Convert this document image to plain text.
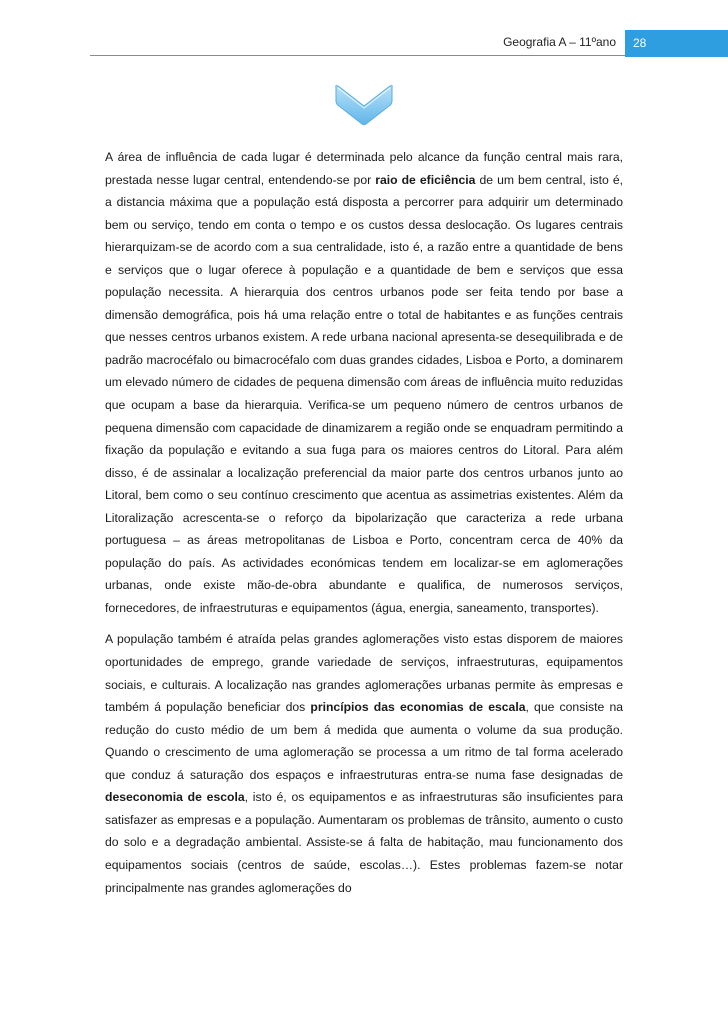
Geografia A – 11ºano 28

A área de influência de cada lugar é determinada pelo alcance da função central mais rara, prestada nesse lugar central, entendendo-se por raio de eficiência de um bem central, isto é, a distancia máxima que a população está disposta a percorrer para adquirir um determinado bem ou serviço, tendo em conta o tempo e os custos dessa deslocação. Os lugares centrais hierarquizam-se de acordo com a sua centralidade, isto é, a razão entre a quantidade de bens e serviços que o lugar oferece à população e a quantidade de bem e serviços que essa população necessita. A hierarquia dos centros urbanos pode ser feita tendo por base a dimensão demográfica, pois há uma relação entre o total de habitantes e as funções centrais que nesses centros urbanos existem. A rede urbana nacional apresenta-se desequilibrada e de padrão macrocéfalo ou bimacrocéfalo com duas grandes cidades, Lisboa e Porto, a dominarem um elevado número de cidades de pequena dimensão com áreas de influência muito reduzidas que ocupam a base da hierarquia. Verifica-se um pequeno número de centros urbanos de pequena dimensão com capacidade de dinamizarem a região onde se enquadram permitindo a fixação da população e evitando a sua fuga para os maiores centros do Litoral. Para além disso, é de assinalar a localização preferencial da maior parte dos centros urbanos junto ao Litoral, bem como o seu contínuo crescimento que acentua as assimetrias existentes. Além da Litoralização acrescenta-se o reforço da bipolarização que caracteriza a rede urbana portuguesa – as áreas metropolitanas de Lisboa e Porto, concentram cerca de 40% da população do país. As actividades económicas tendem em localizar-se em aglomerações urbanas, onde existe mão-de-obra abundante e qualifica, de numerosos serviços, fornecedores, de infraestruturas e equipamentos (água, energia, saneamento, transportes).

A população também é atraída pelas grandes aglomerações visto estas disporem de maiores oportunidades de emprego, grande variedade de serviços, infraestruturas, equipamentos sociais, e culturais. A localização nas grandes aglomerações urbanas permite às empresas e também á população beneficiar dos princípios das economias de escala, que consiste na redução do custo médio de um bem á medida que aumenta o volume da sua produção. Quando o crescimento de uma aglomeração se processa a um ritmo de tal forma acelerado que conduz á saturação dos espaços e infraestruturas entra-se numa fase designadas de deseconomia de escola, isto é, os equipamentos e as infraestruturas são insuficientes para satisfazer as empresas e a população. Aumentaram os problemas de trânsito, aumento o custo do solo e a degradação ambiental. Assiste-se á falta de habitação, mau funcionamento dos equipamentos sociais (centros de saúde, escolas…). Estes problemas fazem-se notar principalmente nas grandes aglomerações do
